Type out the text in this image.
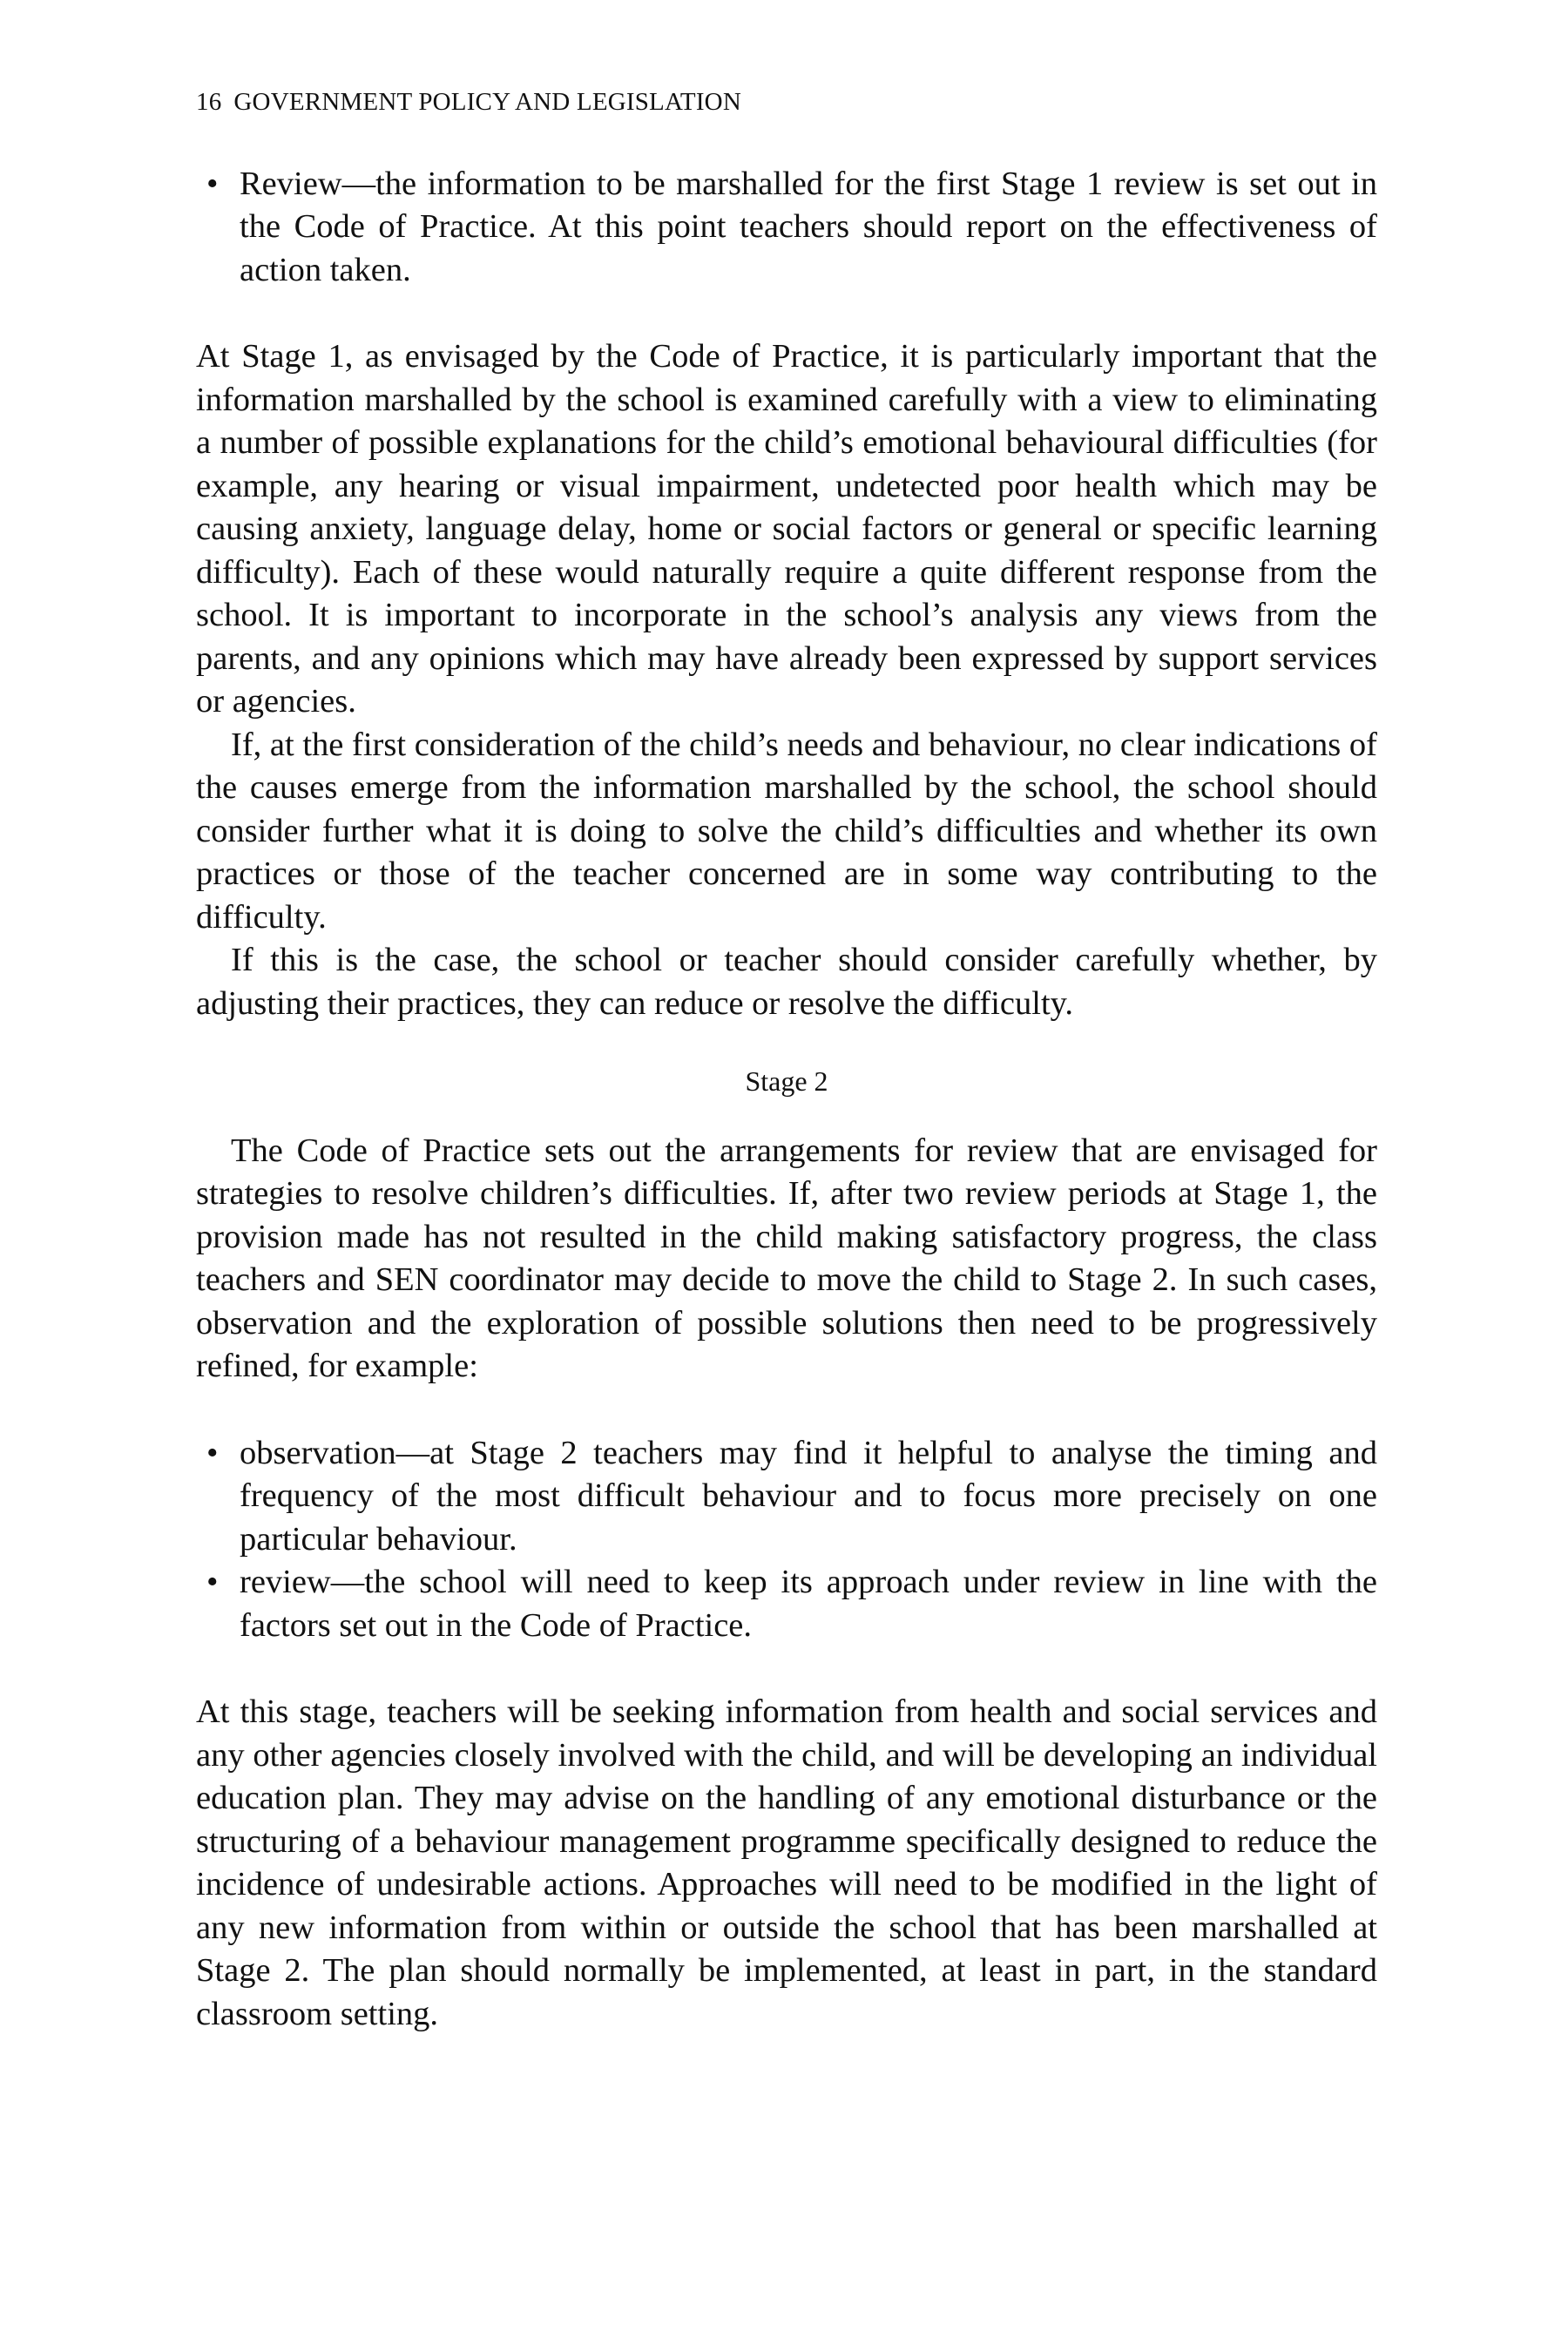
16 GOVERNMENT POLICY AND LEGISLATION
• Review—the information to be marshalled for the first Stage 1 review is set out in the Code of Practice. At this point teachers should report on the effectiveness of action taken.

At Stage 1, as envisaged by the Code of Practice, it is particularly important that the information marshalled by the school is examined carefully with a view to eliminating a number of possible explanations for the child’s emotional behavioural difficulties (for example, any hearing or visual impairment, undetected poor health which may be causing anxiety, language delay, home or social factors or general or specific learning difficulty). Each of these would naturally require a quite different response from the school. It is important to incorporate in the school’s analysis any views from the parents, and any opinions which may have already been expressed by support services or agencies.

If, at the first consideration of the child’s needs and behaviour, no clear indications of the causes emerge from the information marshalled by the school, the school should consider further what it is doing to solve the child’s difficulties and whether its own practices or those of the teacher concerned are in some way contributing to the difficulty.

If this is the case, the school or teacher should consider carefully whether, by adjusting their practices, they can reduce or resolve the difficulty.

Stage 2

The Code of Practice sets out the arrangements for review that are envisaged for strategies to resolve children’s difficulties. If, after two review periods at Stage 1, the provision made has not resulted in the child making satisfactory progress, the class teachers and SEN coordinator may decide to move the child to Stage 2. In such cases, observation and the exploration of possible solutions then need to be progressively refined, for example:

• observation—at Stage 2 teachers may find it helpful to analyse the timing and frequency of the most difficult behaviour and to focus more precisely on one particular behaviour.
• review—the school will need to keep its approach under review in line with the factors set out in the Code of Practice.

At this stage, teachers will be seeking information from health and social services and any other agencies closely involved with the child, and will be developing an individual education plan. They may advise on the handling of any emotional disturbance or the structuring of a behaviour management programme specifically designed to reduce the incidence of undesirable actions. Approaches will need to be modified in the light of any new information from within or outside the school that has been marshalled at Stage 2. The plan should normally be implemented, at least in part, in the standard classroom setting.
